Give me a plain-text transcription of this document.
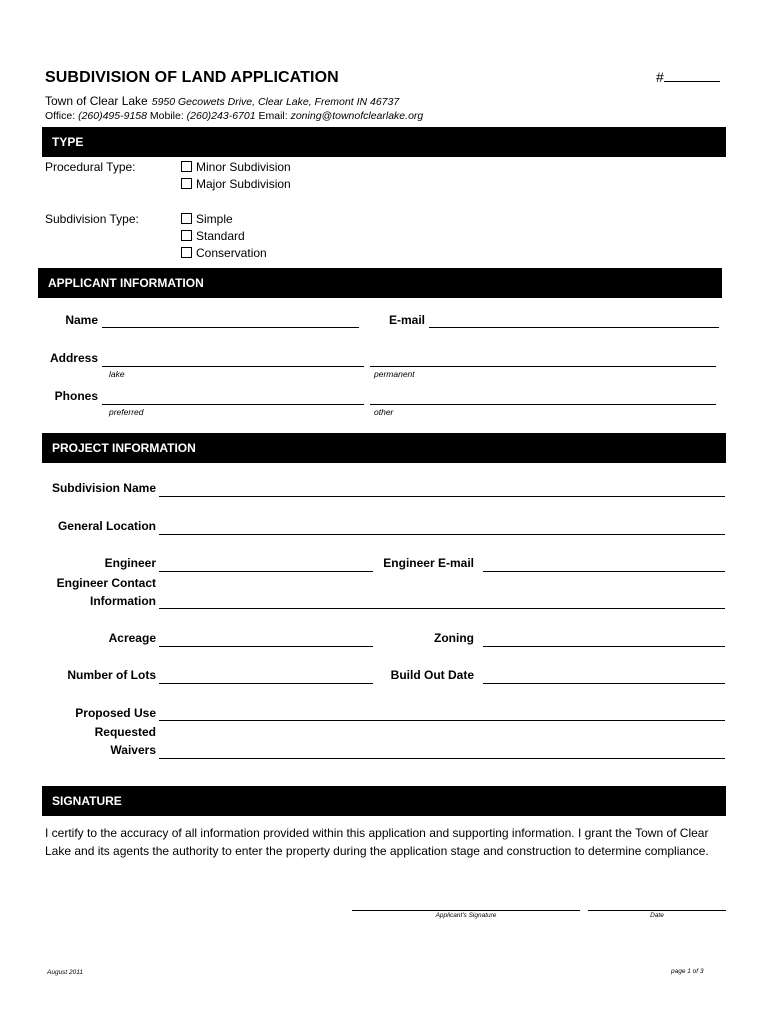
SUBDIVISION OF LAND APPLICATION	#
Town of Clear Lake 5950 Gecowets Drive, Clear Lake, Fremont IN 46737
Office: (260)495-9158 Mobile: (260)243-6701 Email: zoning@townofclearlake.org
TYPE
Procedural Type:	Minor Subdivision
Major Subdivision
Subdivision Type:	Simple
Standard
Conservation
APPLICANT INFORMATION
Name	E-mail
Address
lake	permanent
Phones
preferred	other
PROJECT INFORMATION
Subdivision Name
General Location
Engineer	Engineer E-mail
Engineer Contact
Information
Acreage	Zoning
Number of Lots	Build Out Date
Proposed Use
Requested
Waivers
SIGNATURE
I certify to the accuracy of all information provided within this application and supporting information. I grant the Town of Clear Lake and its agents the authority to enter the property during the application stage and construction to determine compliance.
Applicant's Signature	Date
August 2011	page 1 of 3
